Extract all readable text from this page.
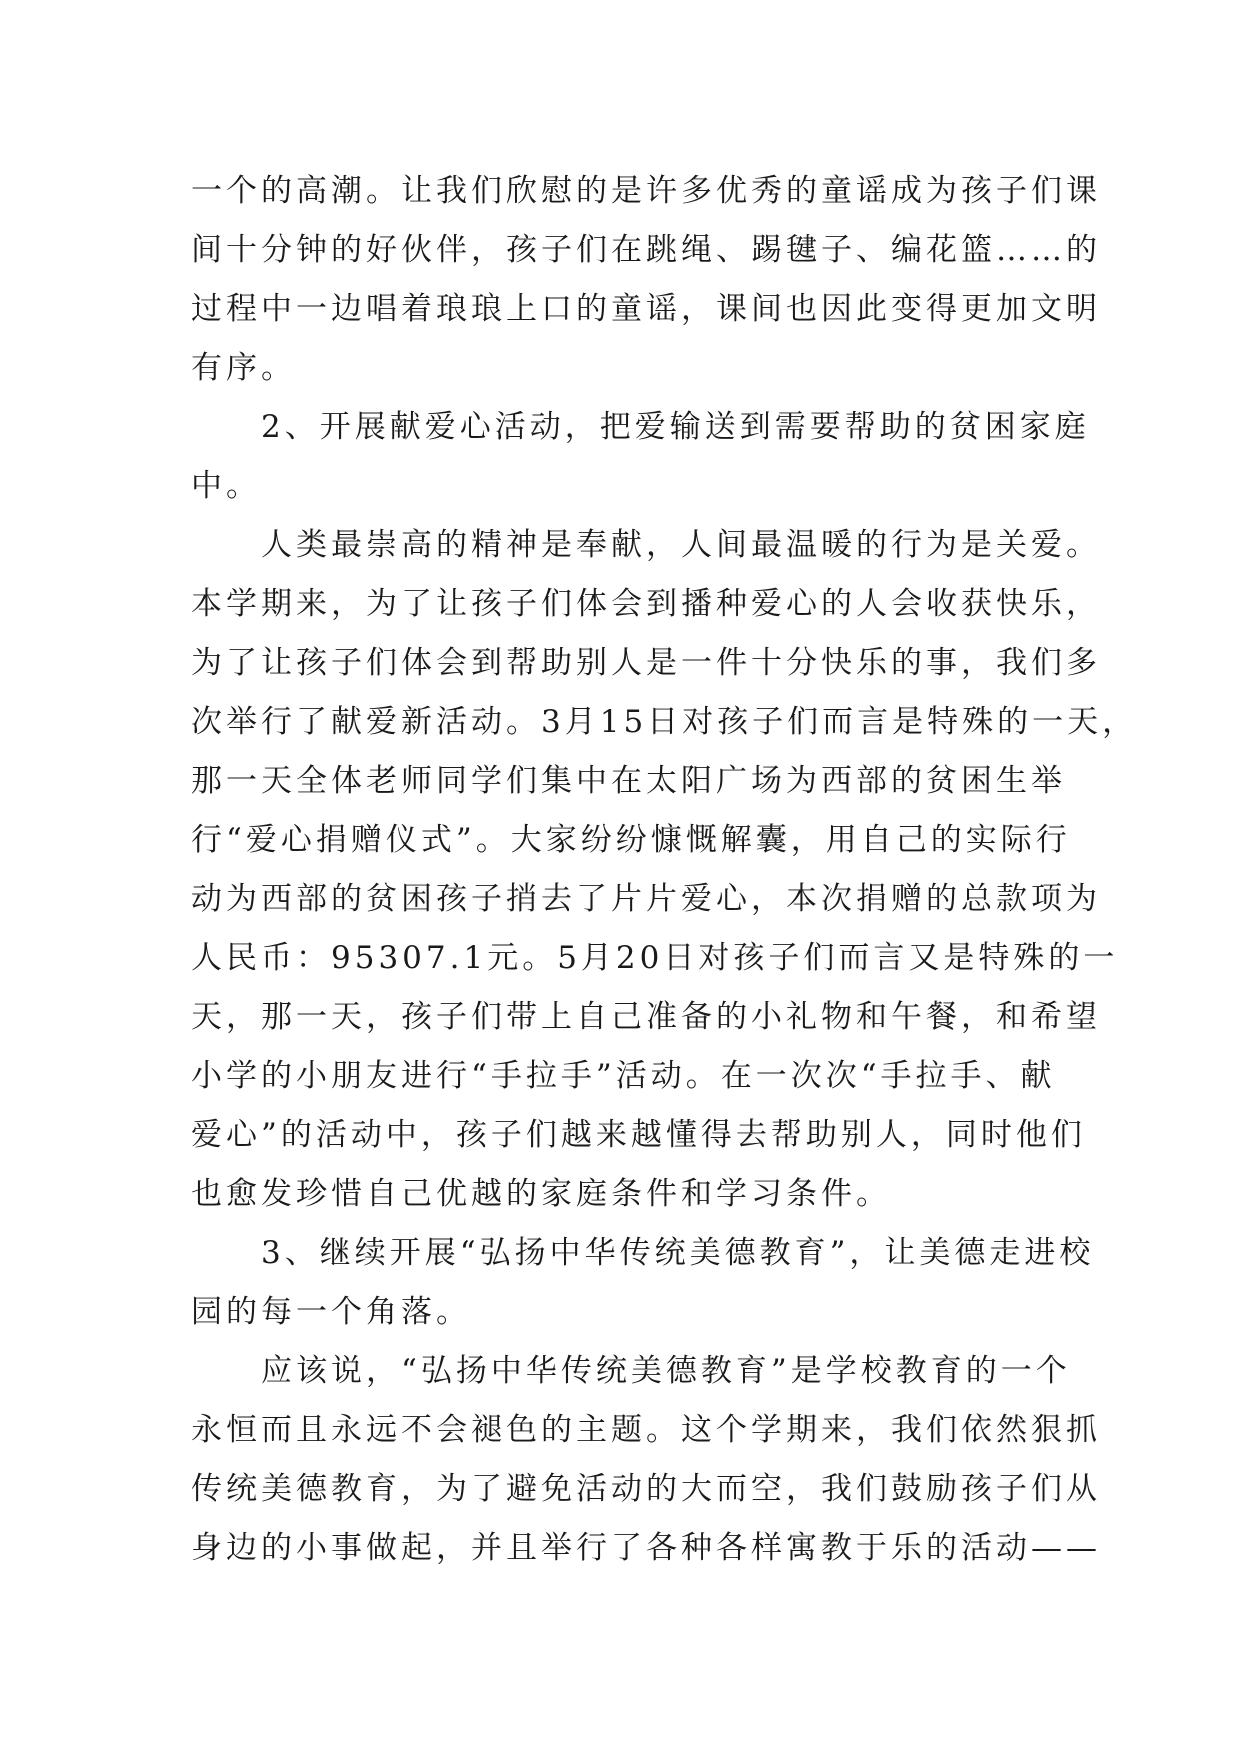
一个的高潮。让我们欣慰的是许多优秀的童谣成为孩子们课
间十分钟的好伙伴，孩子们在跳绳、踢毽子、编花篮……的
过程中一边唱着琅琅上口的童谣，课间也因此变得更加文明
有序。
　　2、开展献爱心活动，把爱输送到需要帮助的贫困家庭
中。
　　人类最崇高的精神是奉献，人间最温暖的行为是关爱。
本学期来，为了让孩子们体会到播种爱心的人会收获快乐，
为了让孩子们体会到帮助别人是一件十分快乐的事，我们多
次举行了献爱新活动。3月15日对孩子们而言是特殊的一天，
那一天全体老师同学们集中在太阳广场为西部的贫困生举
行“爱心捐赠仪式”。大家纷纷慷慨解囊，用自己的实际行
动为西部的贫困孩子捎去了片片爱心，本次捐赠的总款项为
人民币：95307.1元。5月20日对孩子们而言又是特殊的一
天，那一天，孩子们带上自己准备的小礼物和午餐，和希望
小学的小朋友进行“手拉手”活动。在一次次“手拉手、献
爱心”的活动中，孩子们越来越懂得去帮助别人，同时他们
也愈发珍惜自己优越的家庭条件和学习条件。
　　3、继续开展“弘扬中华传统美德教育”，让美德走进校
园的每一个角落。
　　应该说，“弘扬中华传统美德教育”是学校教育的一个
永恒而且永远不会褪色的主题。这个学期来，我们依然狠抓
传统美德教育，为了避免活动的大而空，我们鼓励孩子们从
身边的小事做起，并且举行了各种各样寓教于乐的活动——
